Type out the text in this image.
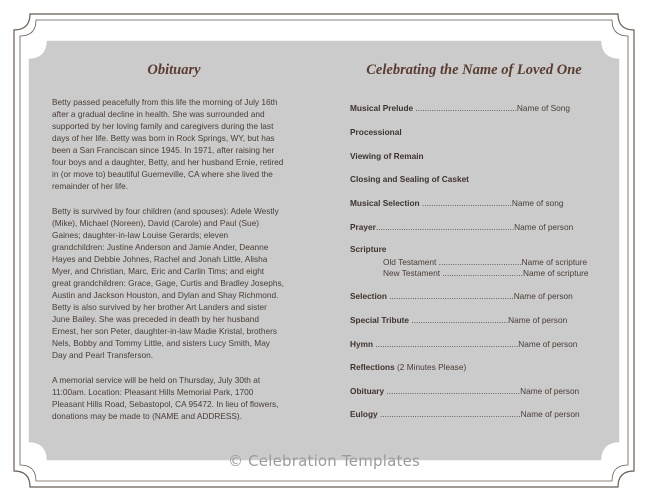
Obituary
Betty passed peacefully from this life the morning of July 16th
after a gradual decline in health. She was surrounded and
supported by her loving family and caregivers during the last
days of her life. Betty was born in Rock Springs, WY, but has
been a San Franciscan since 1945. In 1971, after raising her
four boys and a daughter, Betty, and her husband Ernie, retired
in (or move to) beautiful Guerneville, CA where she lived the
remainder of her life.
Betty is survived by four children (and spouses): Adele Westly
(Mike), Michael (Noreen), David (Carole) and Paul (Sue)
Gaines; daughter-in-law Louise Gerards; eleven
grandchildren: Justine Anderson and Jamie Ander, Deanne
Hayes and Debbie Johnes, Rachel and Jonah Little, Alisha
Myer, and Christian, Marc, Eric and Carlin Tims; and eight
great grandchildren: Grace, Gage, Curtis and Bradley Josephs,
Austin and Jackson Houston, and Dylan and Shay Richmond.
Betty is also survived by her brother Art Landers and sister
June Bailey. She was preceded in death by her husband
Ernest, her son Peter, daughter-in-law Madie Kristal, brothers
Nels, Bobby and Tommy Little, and sisters Lucy Smith, May
Day and Pearl Transferson.
A memorial service will be held on Thursday, July 30th at
11:00am. Location: Pleasant Hills Memorial Park, 1700
Pleasant Hills Road, Sebastopol, CA 95472. In lieu of flowers,
donations may be made to (NAME and ADDRESS).
Celebrating the Name of Loved One
Musical Prelude ............................................Name of Song
Processional
Viewing of Remain
Closing and Sealing of Casket
Musical Selection .......................................Name of song
Prayer............................................................Name of person
Scripture
Old Testament ....................................Name of scripture
New Testament ...................................Name of scripture
Selection ......................................................Name of person
Special Tribute ..........................................Name of person
Hymn ..............................................................Name of person
Reflections (2 Minutes Please)
Obituary ..........................................................Name of person
Eulogy .............................................................Name of person
© Celebration Templates
